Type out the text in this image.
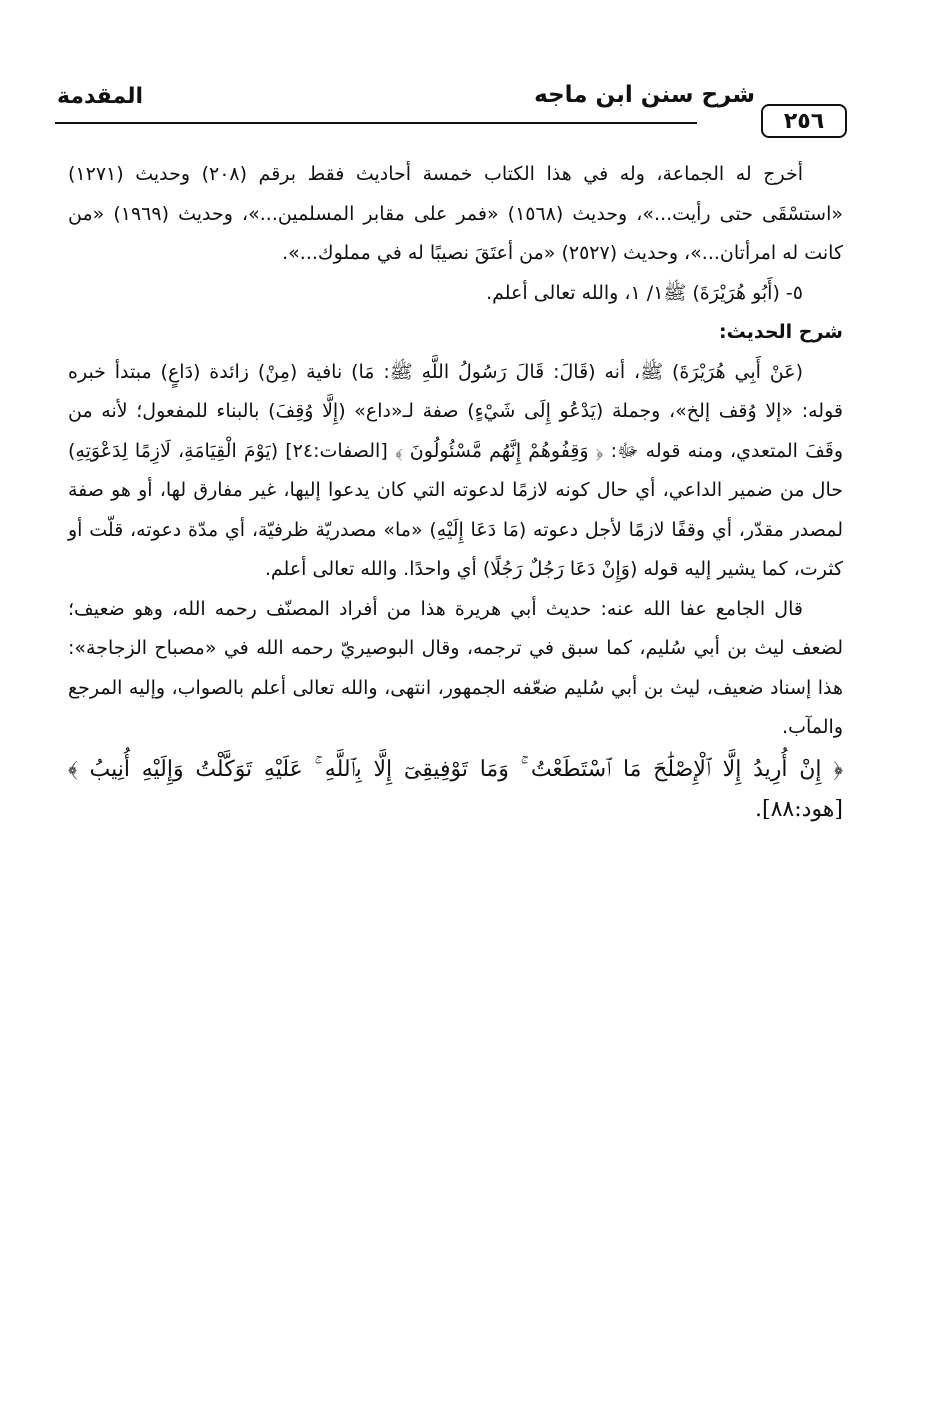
المقدمة	شرح سنن ابن ماجه
٢٥٦

أخرج له الجماعة، وله في هذا الكتاب خمسة أحاديث فقط برقم (٢٠٨) وحديث (١٢٧١) «استسْقَى حتى رأيت...»، وحديث (١٥٦٨) «فمر على مقابر المسلمين...»، وحديث (١٩٦٩) «من كانت له امرأتان...»، وحديث (٢٥٢٧) «من أعتَقَ نصيبًا له في مملوك...».

٥- (أَبُو هُرَيْرَةَ) ﷺ١/ ١، والله تعالى أعلم.

شرح الحديث:

(عَنْ أَبِي هُرَيْرَةَ) ﷺ، أنه (قَالَ: قَالَ رَسُولُ اللَّهِ ﷺ: مَا) نافية (مِنْ) زائدة (دَاعٍ) مبتدأ خبره قوله: «إلا وُقف إلخ»، وجملة (يَدْعُو إِلَى شَيْءٍ) صفة لـ«داع» (إِلَّا وُقِفَ) بالبناء للمفعول؛ لأنه من وقَفَ المتعدي، ومنه قوله ﷻ: ﴿ وَقِفُوهُمْ إِنَّهُم مَّسْئُولُونَ ﴾ [الصفات:٢٤] (يَوْمَ الْقِيَامَةِ، لَازِمًا لِدَعْوَتِهِ) حال من ضمير الداعي، أي حال كونه لازمًا لدعوته التي كان يدعوا إليها، غير مفارق لها، أو هو صفة لمصدر مقدّر، أي وقفًا لازمًا لأجل دعوته (مَا دَعَا إِلَيْهِ) «ما» مصدريّة ظرفيّة، أي مدّة دعوته، قلّت أو كثرت، كما يشير إليه قوله (وَإِنْ دَعَا رَجُلٌ رَجُلًا) أي واحدًا. والله تعالى أعلم.

قال الجامع عفا الله عنه: حديث أبي هريرة هذا من أفراد المصنّف رحمه الله، وهو ضعيف؛ لضعف ليث بن أبي سُليم، كما سبق في ترجمه، وقال البوصيريّ رحمه الله في «مصباح الزجاجة»: هذا إسناد ضعيف، ليث بن أبي سُليم ضعّفه الجمهور، انتهى، والله تعالى أعلم بالصواب، وإليه المرجع والمآب.

﴿ إِنْ أُرِيدُ إِلَّا ٱلْإِصْلَٰحَ مَا ٱسْتَطَعْتُ ۚ وَمَا تَوْفِيقِىٓ إِلَّا بِٱللَّهِ ۚ عَلَيْهِ تَوَكَّلْتُ وَإِلَيْهِ أُنِيبُ ﴾ [هود:٨٨].
